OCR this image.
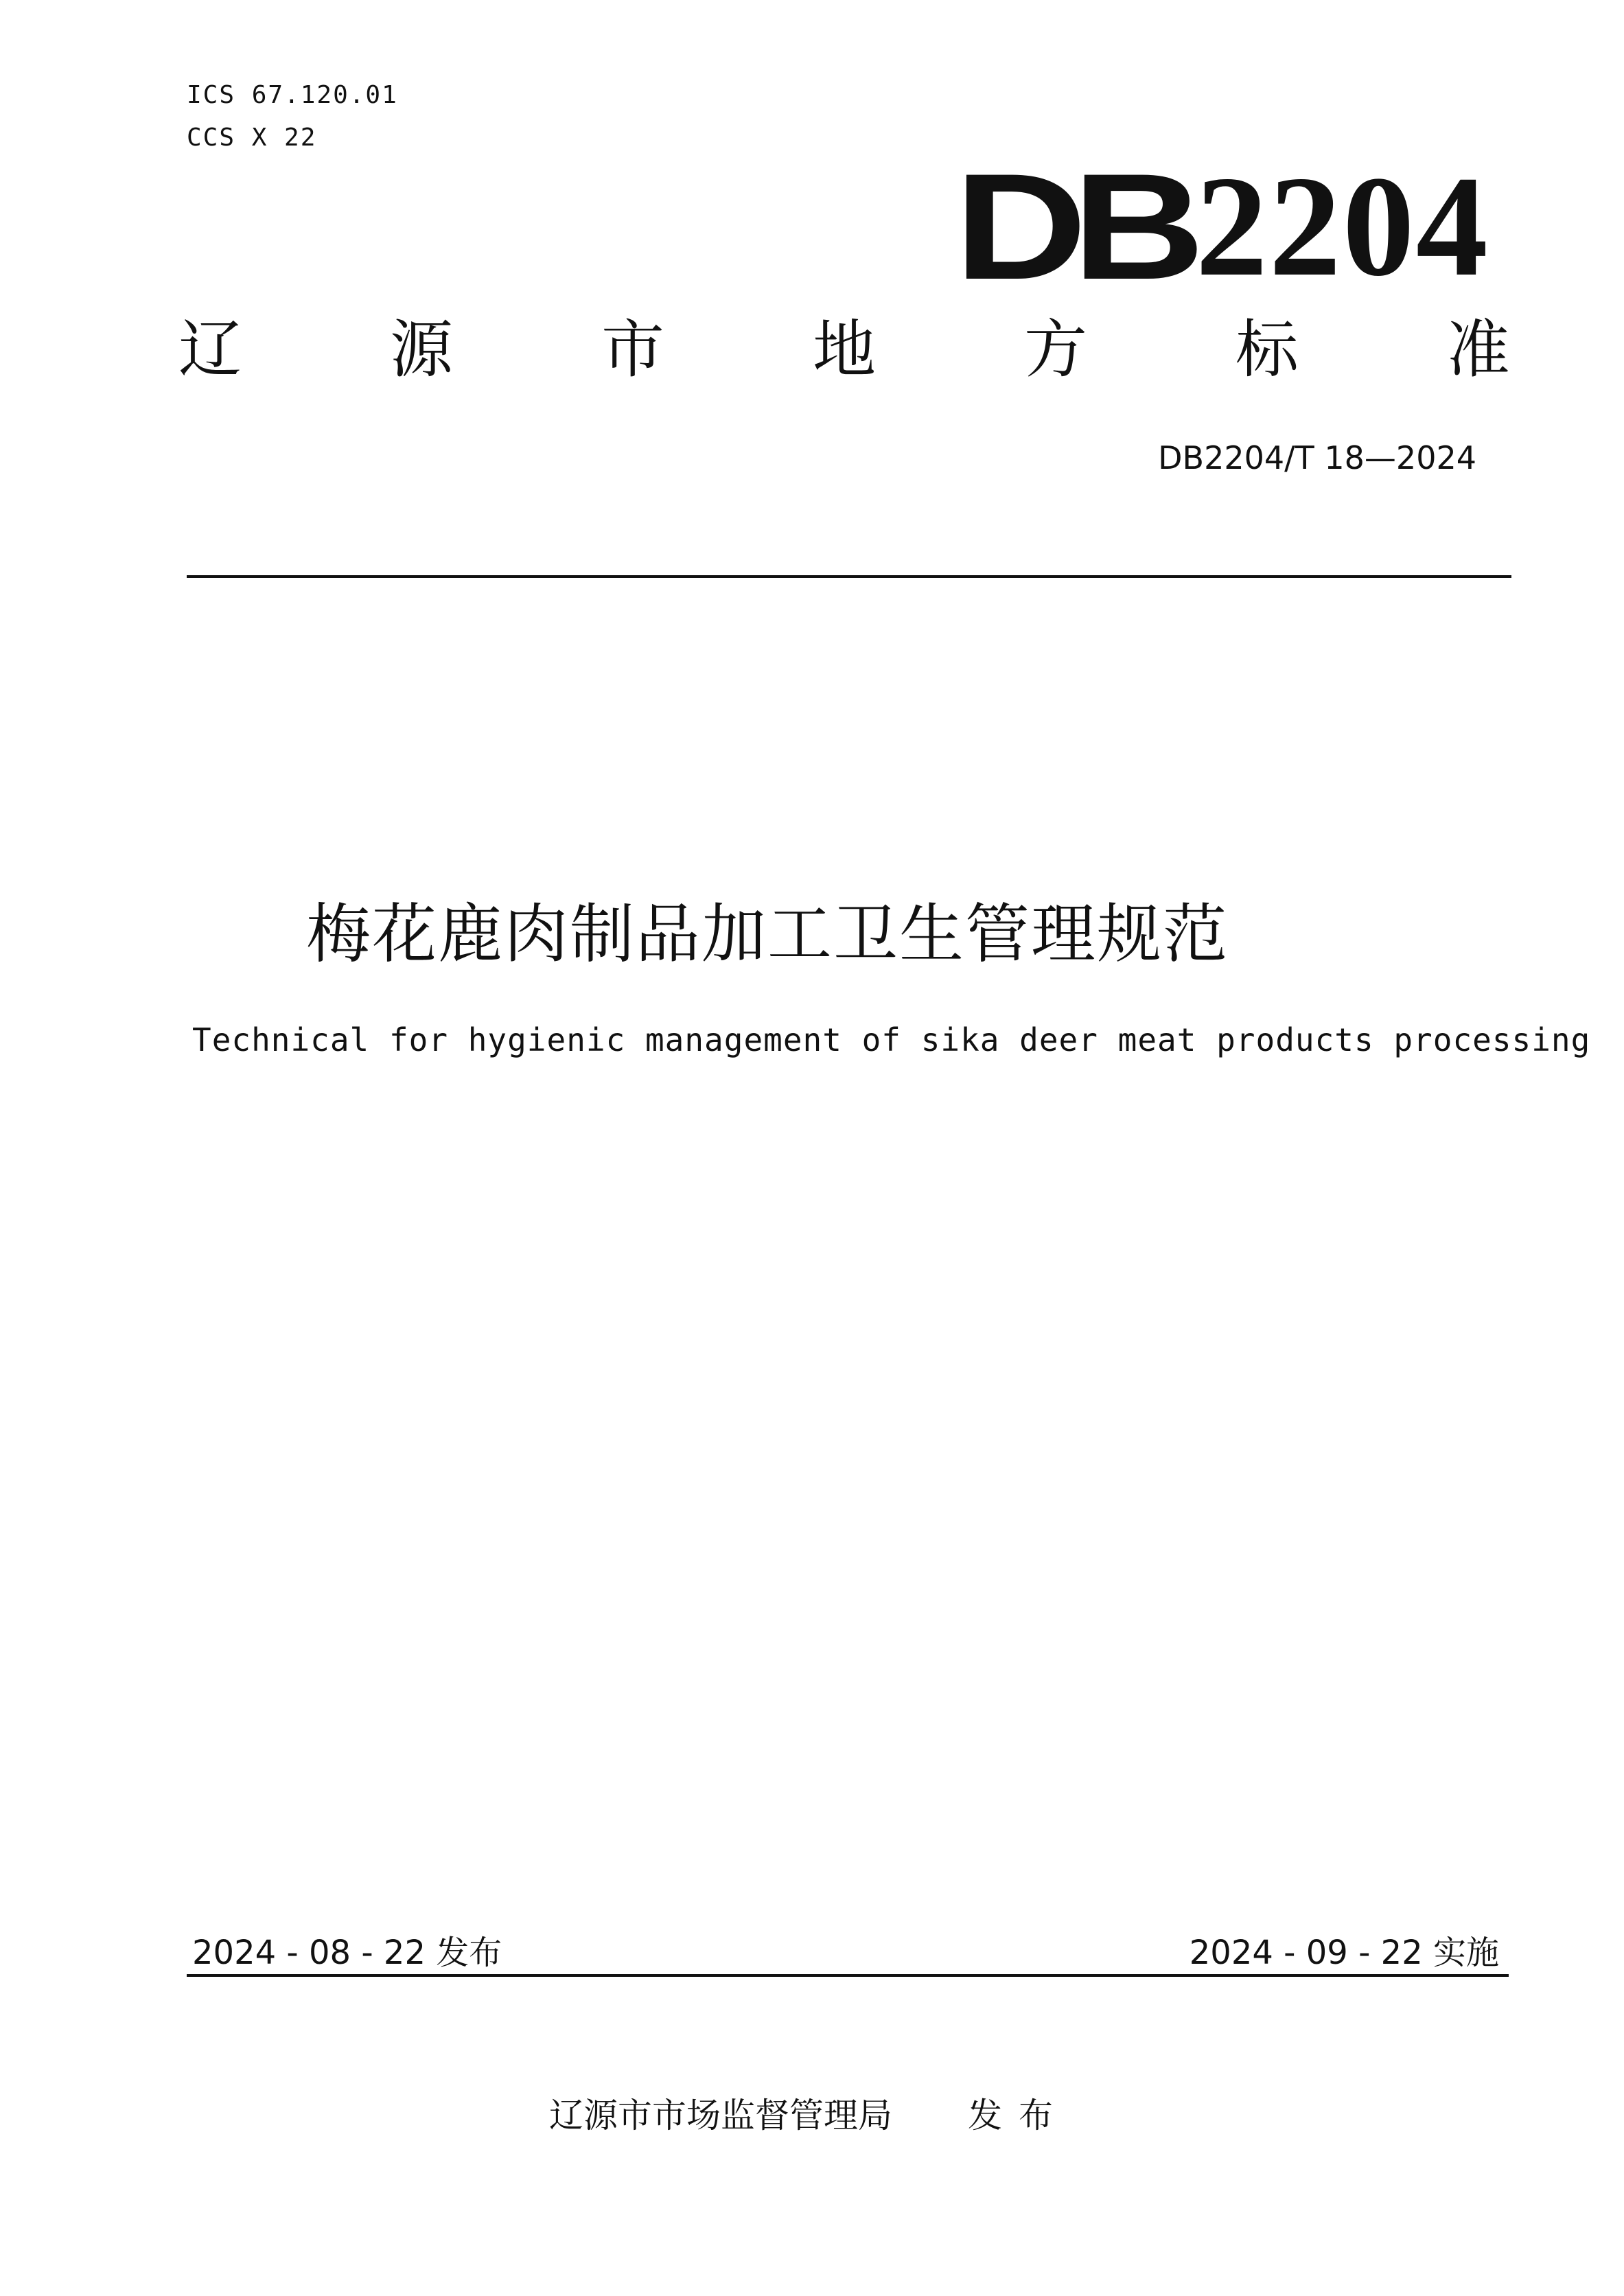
ICS 67.120.01
CCS X 22
DB 2204
辽 源 市 地 方 标 准
DB2204/T 18—2024
梅花鹿肉制品加工卫生管理规范
Technical for hygienic management of sika deer meat products processing
2024 - 08 - 22 发布	2024 - 09 - 22 实施
辽源市市场监督管理局 发布
